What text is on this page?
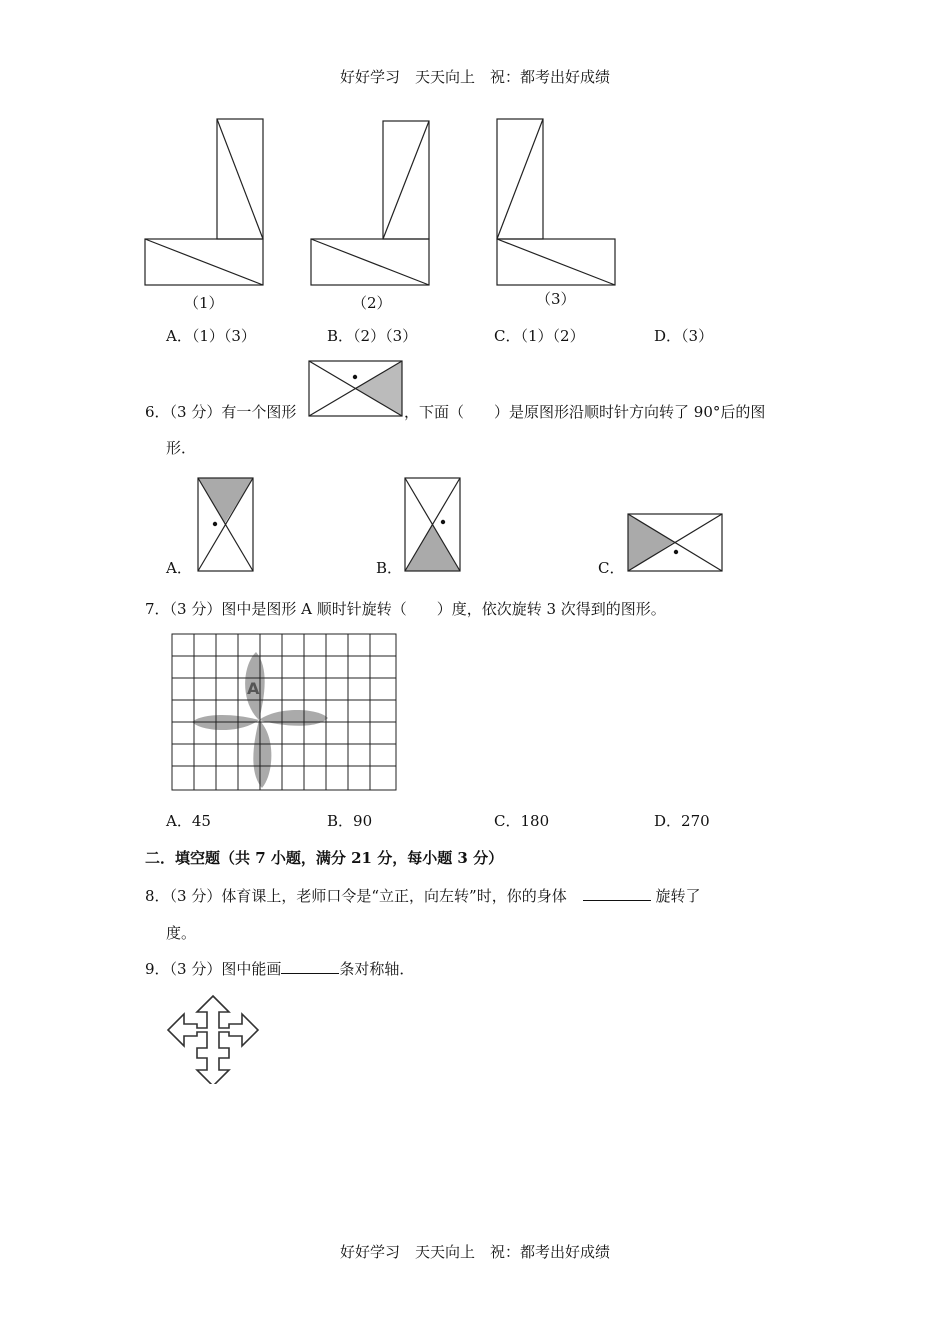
好好学习　天天向上　祝：都考出好成绩
（1）	（2）	（3）
A．（1）（3）	B．（2）（3）	C．（1）（2）	D．（3）
6．（3 分）有一个图形	，下面（　　）是原图形沿顺时针方向转了 90°后的图
形．
A．	B．	C．
7．（3 分）图中是图形 A 顺时针旋转（　　）度，依次旋转 3 次得到的图形。
A
A．45	B．90	C．180	D．270
二．填空题（共 7 小题，满分 21 分，每小题 3 分）
8．（3 分）体育课上，老师口令是“立正，向左转”时，你的身体	旋转了
度。
9．（3 分）图中能画	条对称轴．
好好学习　天天向上　祝：都考出好成绩
